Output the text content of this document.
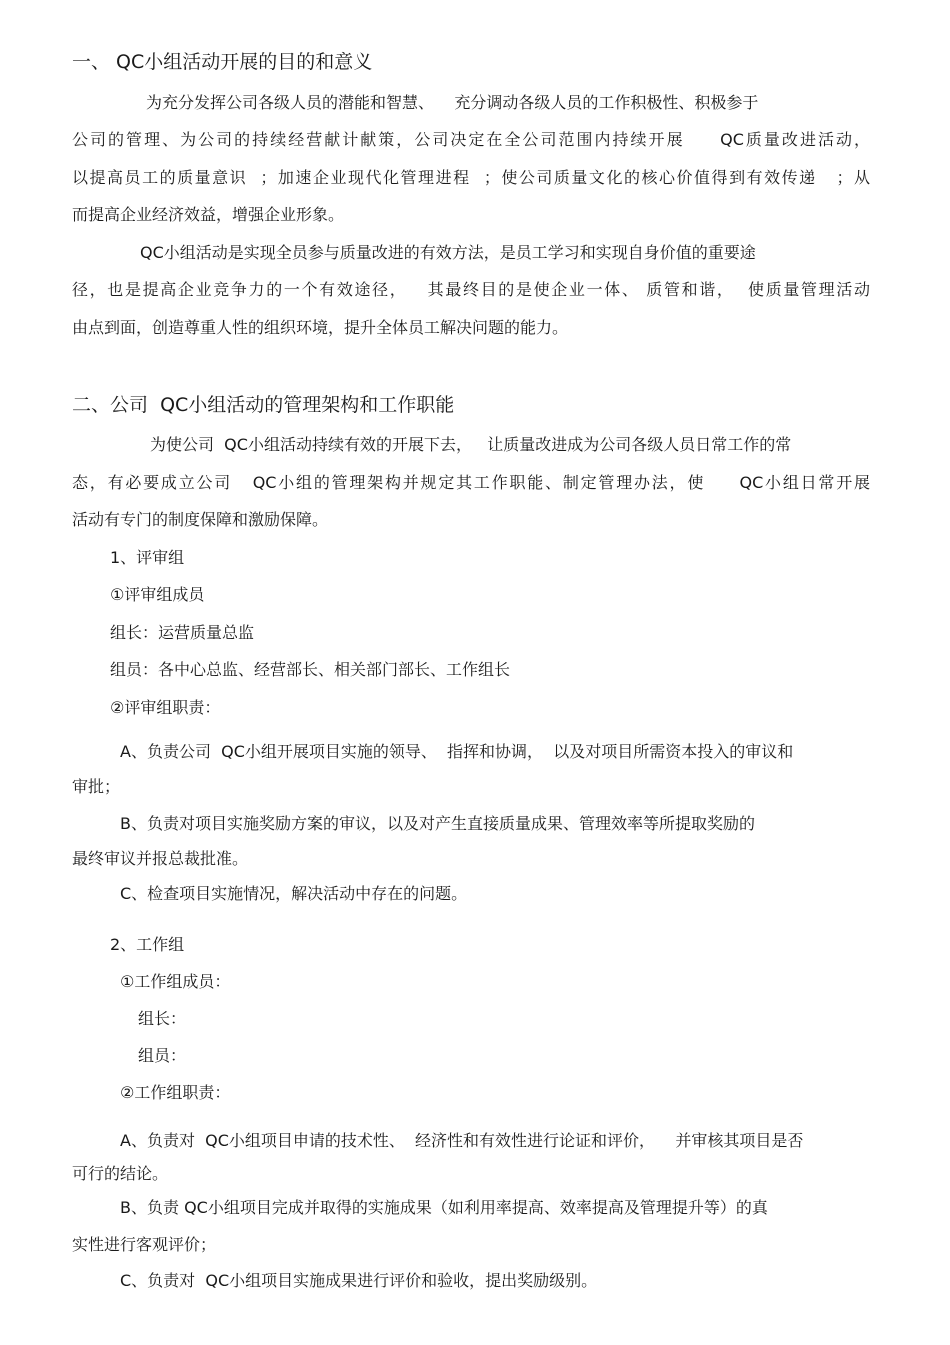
一、 QC小组活动开展的目的和意义
为充分发挥公司各级人员的潜能和智慧、    充分调动各级人员的工作积极性、积极参于
公司的管理、为公司的持续经营献计献策，公司决定在全公司范围内持续开展     QC质量改进活动，
以提高员工的质量意识  ；加速企业现代化管理进程  ；使公司质量文化的核心价值得到有效传递   ；从
而提高企业经济效益，增强企业形象。
QC小组活动是实现全员参与质量改进的有效方法，是员工学习和实现自身价值的重要途
径，也是提高企业竞争力的一个有效途径，   其最终目的是使企业一体、 质管和谐，  使质量管理活动
由点到面，创造尊重人性的组织环境，提升全体员工解决问题的能力。
二、公司  QC小组活动的管理架构和工作职能
为使公司  QC小组活动持续有效的开展下去，   让质量改进成为公司各级人员日常工作的常
态，有必要成立公司   QC小组的管理架构并规定其工作职能、制定管理办法，使     QC小组日常开展
活动有专门的制度保障和激励保障。
1、评审组
①评审组成员
组长：运营质量总监
组员：各中心总监、经营部长、相关部门部长、工作组长
②评审组职责：
A、负责公司  QC小组开展项目实施的领导、  指挥和协调，  以及对项目所需资本投入的审议和
审批；
B、负责对项目实施奖励方案的审议，以及对产生直接质量成果、管理效率等所提取奖励的
最终审议并报总裁批准。
C、检查项目实施情况，解决活动中存在的问题。
2、工作组
①工作组成员：
组长：
组员：
②工作组职责：
A、负责对  QC小组项目申请的技术性、  经济性和有效性进行论证和评价，    并审核其项目是否
可行的结论。
B、负责 QC小组项目完成并取得的实施成果（如利用率提高、效率提高及管理提升等）的真
实性进行客观评价；
C、负责对  QC小组项目实施成果进行评价和验收，提出奖励级别。
